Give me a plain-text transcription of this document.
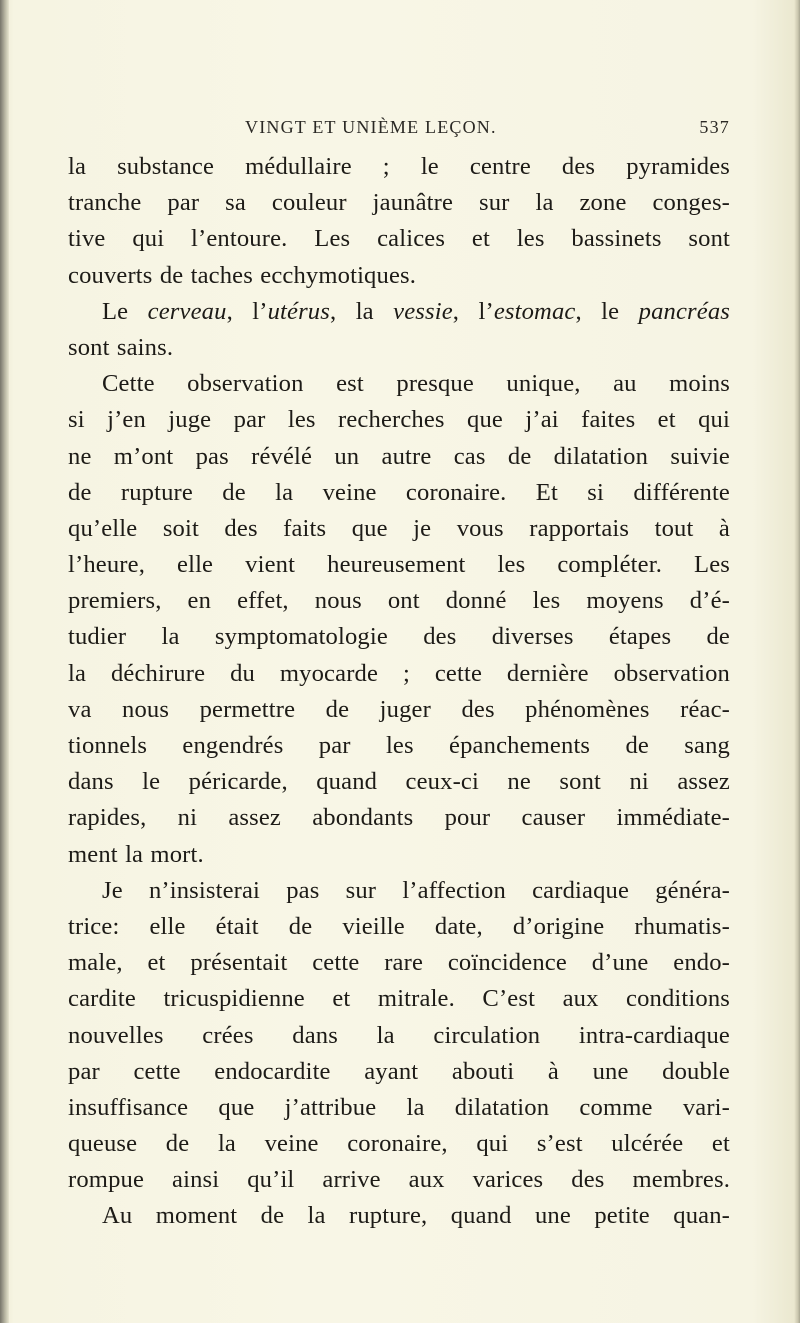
VINGT ET UNIÈME LEÇON.	537
la substance médullaire ; le centre des pyramides
tranche par sa couleur jaunâtre sur la zone conges-
tive qui l’entoure. Les calices et les bassinets sont
couverts de taches ecchymotiques.
Le cerveau, l’utérus, la vessie, l’estomac, le pancréas
sont sains.
Cette observation est presque unique, au moins
si j’en juge par les recherches que j’ai faites et qui
ne m’ont pas révélé un autre cas de dilatation suivie
de rupture de la veine coronaire. Et si différente
qu’elle soit des faits que je vous rapportais tout à
l’heure, elle vient heureusement les compléter. Les
premiers, en effet, nous ont donné les moyens d’é-
tudier la symptomatologie des diverses étapes de
la déchirure du myocarde ; cette dernière observation
va nous permettre de juger des phénomènes réac-
tionnels engendrés par les épanchements de sang
dans le péricarde, quand ceux-ci ne sont ni assez
rapides, ni assez abondants pour causer immédiate-
ment la mort.
Je n’insisterai pas sur l’affection cardiaque généra-
trice: elle était de vieille date, d’origine rhumatis-
male, et présentait cette rare coïncidence d’une endo-
cardite tricuspidienne et mitrale. C’est aux conditions
nouvelles crées dans la circulation intra-cardiaque
par cette endocardite ayant abouti à une double
insuffisance que j’attribue la dilatation comme vari-
queuse de la veine coronaire, qui s’est ulcérée et
rompue ainsi qu’il arrive aux varices des membres.
Au moment de la rupture, quand une petite quan-
